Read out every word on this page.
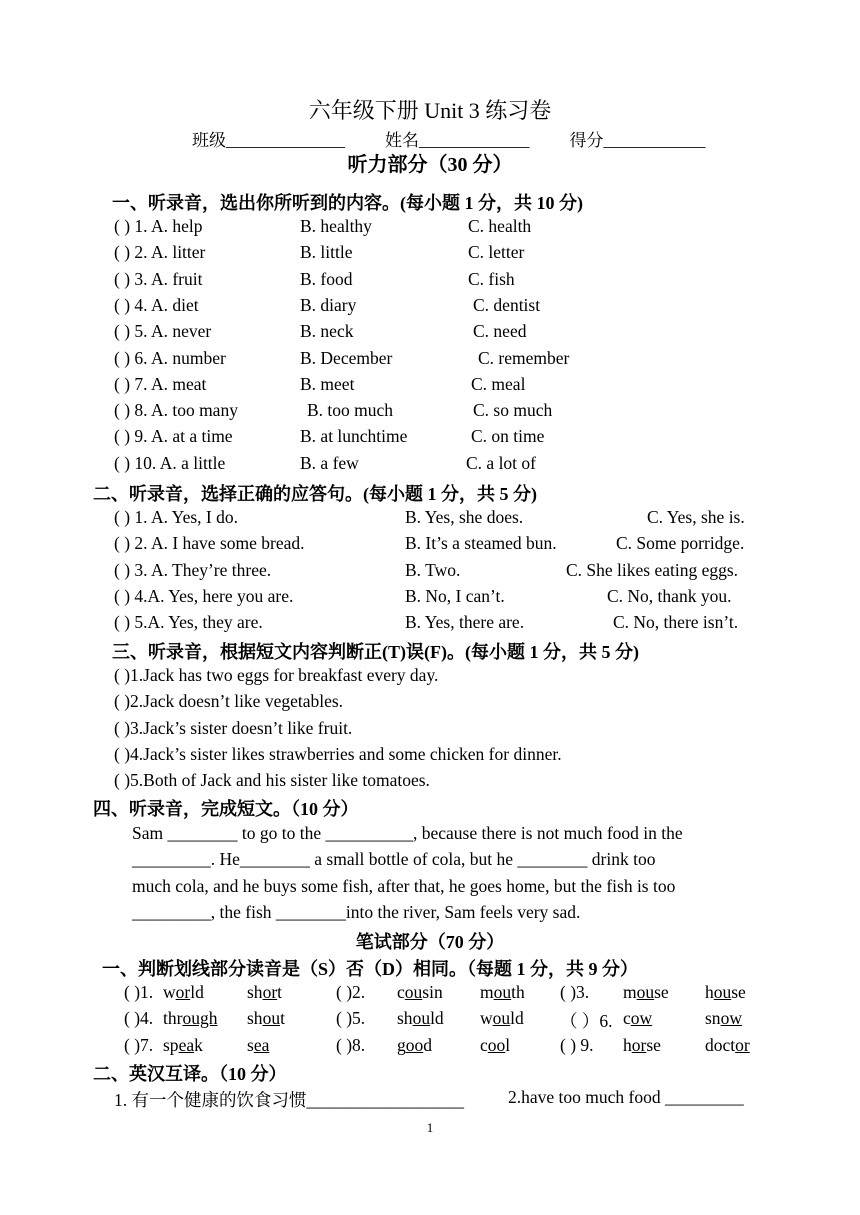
六年级下册 Unit 3 练习卷
班级______________ 姓名_____________ 得分____________
听力部分（30 分）
一、听录音，选出你所听到的内容。(每小题 1 分，共 10 分)
( ) 1. A. help	B. healthy	C. health
( ) 2. A. litter	B. little	C. letter
( ) 3. A. fruit	B. food	C. fish
( ) 4. A. diet	B. diary	C. dentist
( ) 5. A. never	B. neck	C. need
( ) 6. A. number	B. December	C. remember
( ) 7. A. meat	B. meet	C. meal
( ) 8. A. too many	B. too much	C. so much
( ) 9. A. at a time	B. at lunchtime	C. on time
( ) 10. A. a little	B. a few	C. a lot of
二、听录音，选择正确的应答句。(每小题 1 分，共 5 分)
( ) 1. A. Yes, I do.	B. Yes, she does.	C. Yes, she is.
( ) 2. A. I have some bread.	B. It’s a steamed bun.	C. Some porridge.
( ) 3. A. They’re three.	B. Two.	C. She likes eating eggs.
( ) 4.A. Yes, here you are.	B. No, I can’t.	C. No, thank you.
( ) 5.A. Yes, they are.	B. Yes, there are.	C. No, there isn’t.
三、听录音，根据短文内容判断正(T)误(F)。(每小题 1 分，共 5 分)
( )1.Jack has two eggs for breakfast every day.
( )2.Jack doesn’t like vegetables.
( )3.Jack’s sister doesn’t like fruit.
( )4.Jack’s sister likes strawberries and some chicken for dinner.
( )5.Both of Jack and his sister like tomatoes.
四、听录音，完成短文。（10 分）
Sam ________ to go to the __________, because there is not much food in the
_________. He________ a small bottle of cola, but he ________ drink too
much cola, and he buys some fish, after that, he goes home, but the fish is too
_________, the fish ________into the river, Sam feels very sad.
笔试部分（70 分）
一、判断划线部分读音是（S）否（D）相同。（每题 1 分，共 9 分）
( )1. world short	( )2. cousin mouth ( )3. mouse house
( )4. through shout	( )5. should would （ ）6. cow	snow
( )7. speak	sea	( )8. good	cool	( ) 9. horse	doctor
二、英汉互译。（10 分）
1. 有一个健康的饮食习惯__________________	2.have too much food _________
1
